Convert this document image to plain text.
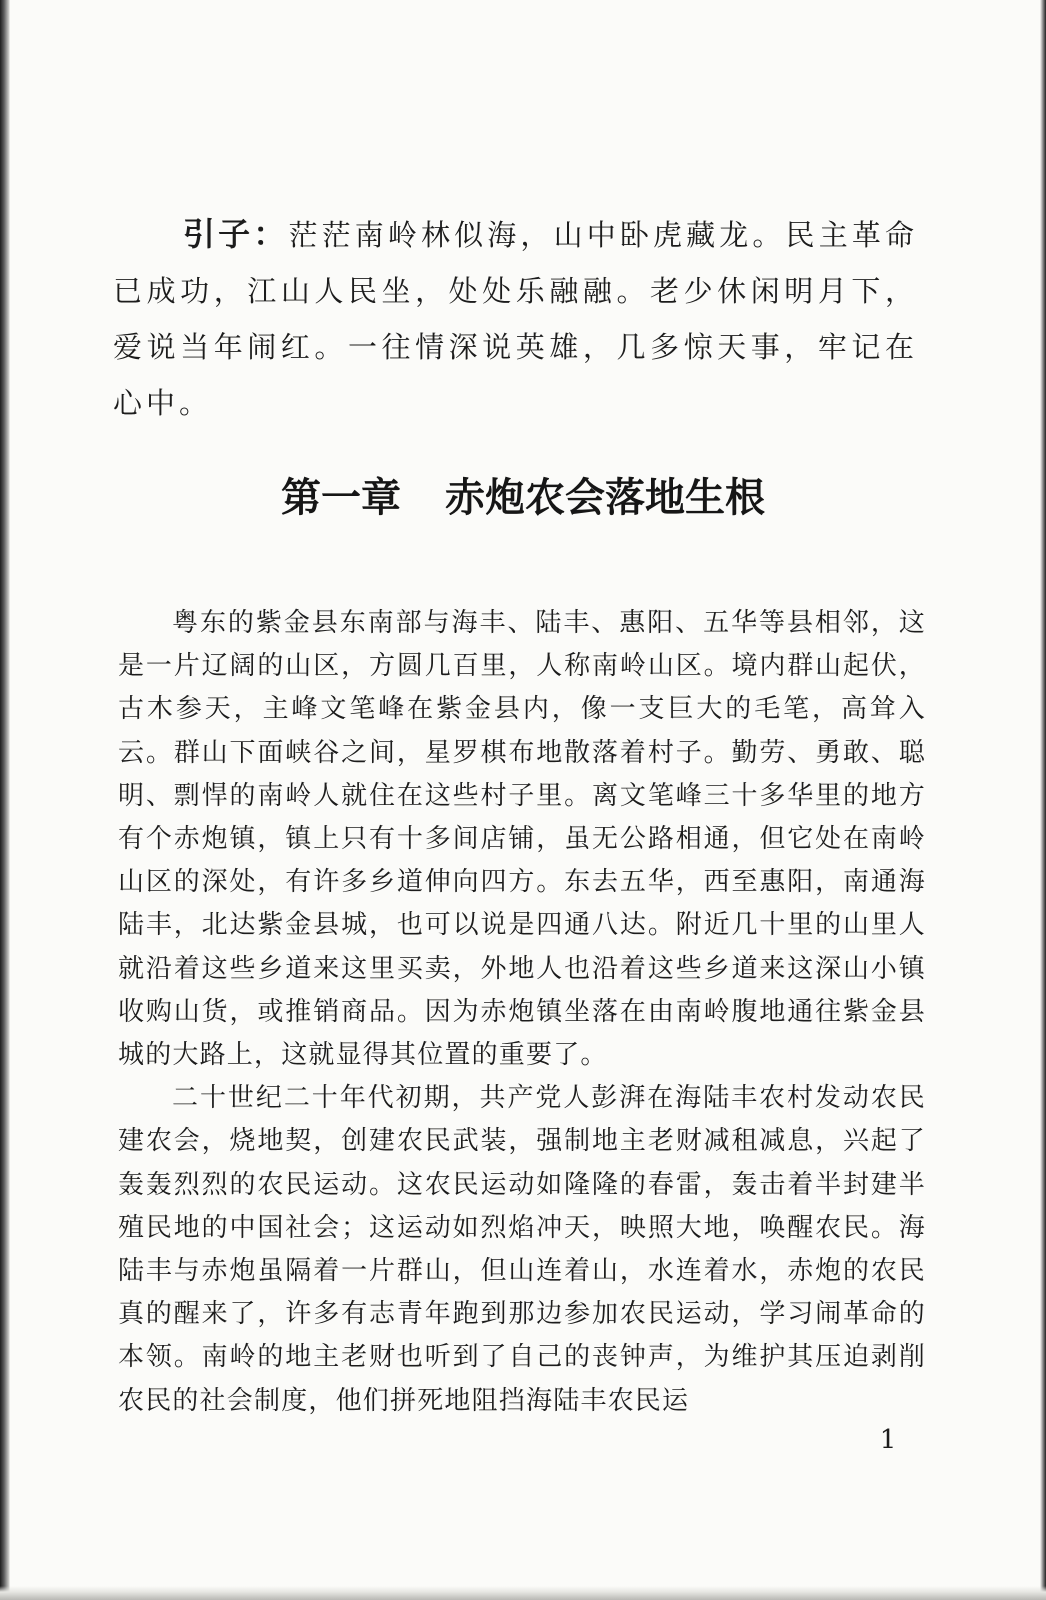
引子：茫茫南岭林似海，山中卧虎藏龙。民主革命已成功，江山人民坐，处处乐融融。老少休闲明月下，爱说当年闹红。一往情深说英雄，几多惊天事，牢记在心中。
第一章 赤炮农会落地生根

粤东的紫金县东南部与海丰、陆丰、惠阳、五华等县相邻，这是一片辽阔的山区，方圆几百里，人称南岭山区。境内群山起伏，古木参天，主峰文笔峰在紫金县内，像一支巨大的毛笔，高耸入云。群山下面峡谷之间，星罗棋布地散落着村子。勤劳、勇敢、聪明、剽悍的南岭人就住在这些村子里。离文笔峰三十多华里的地方有个赤炮镇，镇上只有十多间店铺，虽无公路相通，但它处在南岭山区的深处，有许多乡道伸向四方。东去五华，西至惠阳，南通海陆丰，北达紫金县城，也可以说是四通八达。附近几十里的山里人就沿着这些乡道来这里买卖，外地人也沿着这些乡道来这深山小镇收购山货，或推销商品。因为赤炮镇坐落在由南岭腹地通往紫金县城的大路上，这就显得其位置的重要了。

二十世纪二十年代初期，共产党人彭湃在海陆丰农村发动农民建农会，烧地契，创建农民武装，强制地主老财减租减息，兴起了轰轰烈烈的农民运动。这农民运动如隆隆的春雷，轰击着半封建半殖民地的中国社会；这运动如烈焰冲天，映照大地，唤醒农民。海陆丰与赤炮虽隔着一片群山，但山连着山，水连着水，赤炮的农民真的醒来了，许多有志青年跑到那边参加农民运动，学习闹革命的本领。南岭的地主老财也听到了自己的丧钟声，为维护其压迫剥削农民的社会制度，他们拼死地阻挡海陆丰农民运

1
